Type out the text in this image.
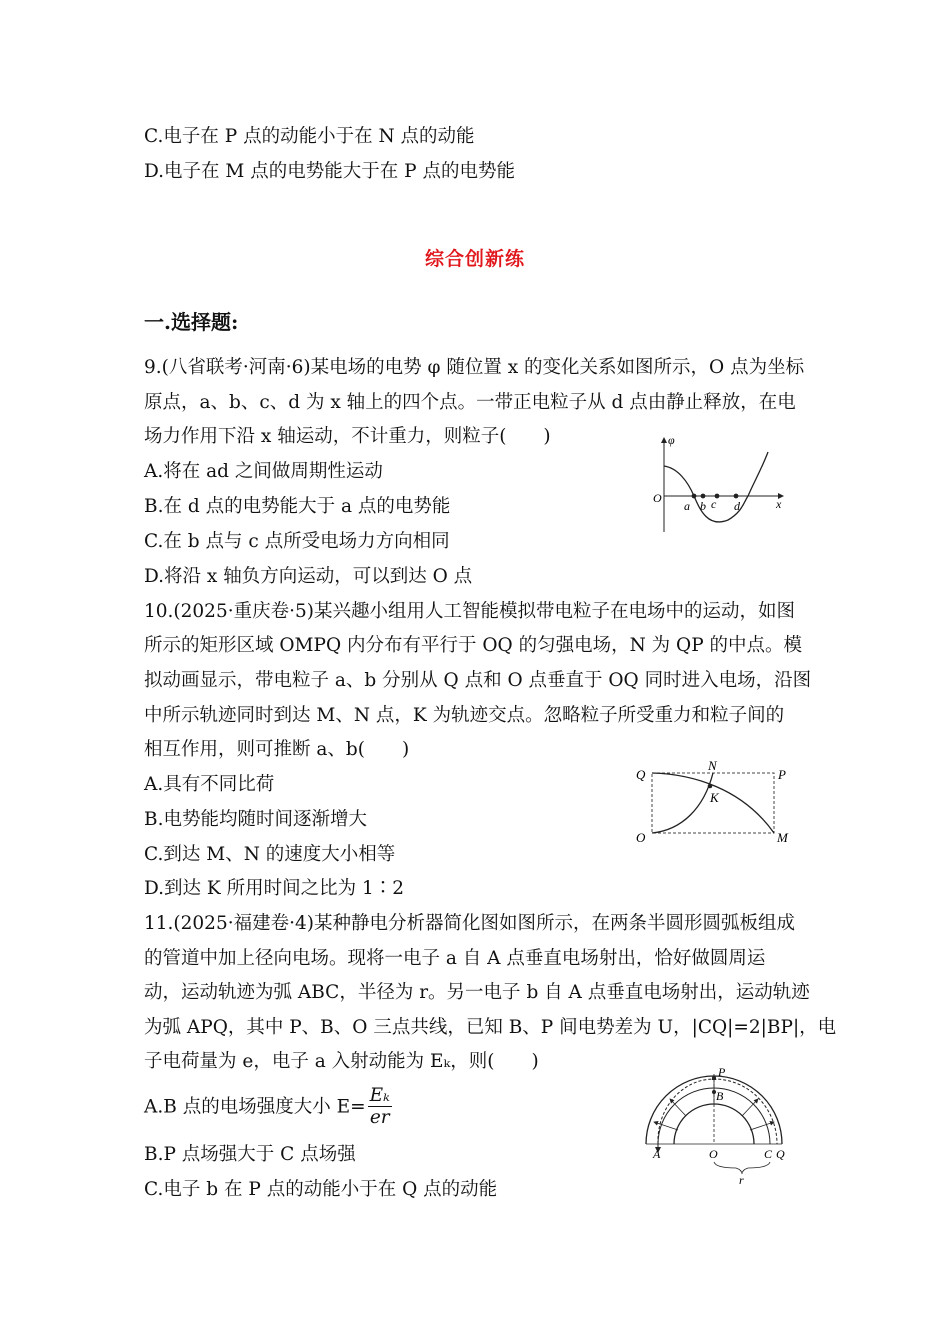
C.电子在 P 点的动能小于在 N 点的动能
D.电子在 M 点的电势能大于在 P 点的电势能
综合创新练
一.选择题:
9.(八省联考·河南·6)某电场的电势 φ 随位置 x 的变化关系如图所示，O 点为坐标
原点，a、b、c、d 为 x 轴上的四个点。一带正电粒子从 d 点由静止释放，在电
场力作用下沿 x 轴运动，不计重力，则粒子(　　)
A.将在 ad 之间做周期性运动
B.在 d 点的电势能大于 a 点的电势能
C.在 b 点与 c 点所受电场力方向相同
D.将沿 x 轴负方向运动，可以到达 O 点
φ
O	x
a b c d
10.(2025·重庆卷·5)某兴趣小组用人工智能模拟带电粒子在电场中的运动，如图
所示的矩形区域 OMPQ 内分布有平行于 OQ 的匀强电场，N 为 QP 的中点。模
拟动画显示，带电粒子 a、b 分别从 Q 点和 O 点垂直于 OQ 同时进入电场，沿图
中所示轨迹同时到达 M、N 点，K 为轨迹交点。忽略粒子所受重力和粒子间的
相互作用，则可推断 a、b(　　)
A.具有不同比荷
B.电势能均随时间逐渐增大
C.到达 M、N 的速度大小相等
D.到达 K 所用时间之比为 1∶2
Q
N
P
K
O	M
11.(2025·福建卷·4)某种静电分析器简化图如图所示，在两条半圆形圆弧板组成
的管道中加上径向电场。现将一电子 a 自 A 点垂直电场射出，恰好做圆周运
动，运动轨迹为弧 ABC，半径为 r。另一电子 b 自 A 点垂直电场射出，运动轨迹
为弧 APQ，其中 P、B、O 三点共线，已知 B、P 间电势差为 U，|CQ|=2|BP|，电
子电荷量为 e，电子 a 入射动能为 Eₖ，则(　　)
A.B 点的电场强度大小 $E= \frac{\text{Eₖ}}{er}$
B.P 点场强大于 C 点场强
C.电子 b 在 P 点的动能小于在 Q 点的动能
P
B
A	O	C Q
r
